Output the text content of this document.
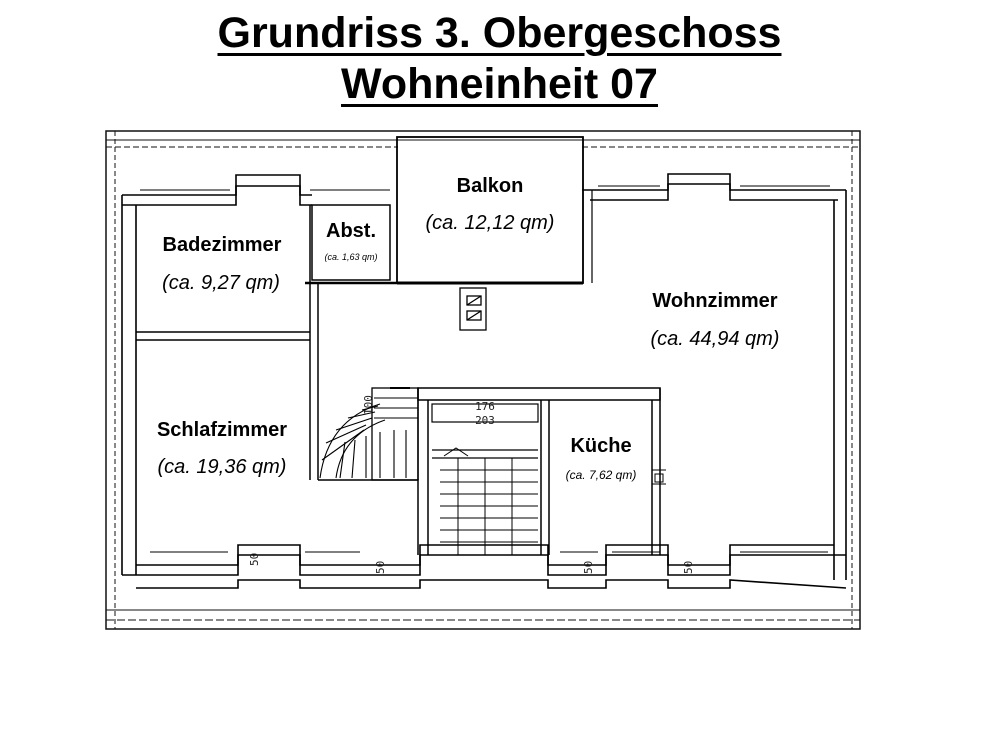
Grundriss 3. Obergeschoss
Wohneinheit 07
Badezimmer
(ca. 9,27 qm)
Abst.
(ca. 1,63 qm)
Balkon
(ca. 12,12 qm)
Wohnzimmer
(ca. 44,94 qm)
Schlafzimmer
(ca. 19,36 qm)
Küche
(ca. 7,62 qm)
176
203
100
50
50	50	50
